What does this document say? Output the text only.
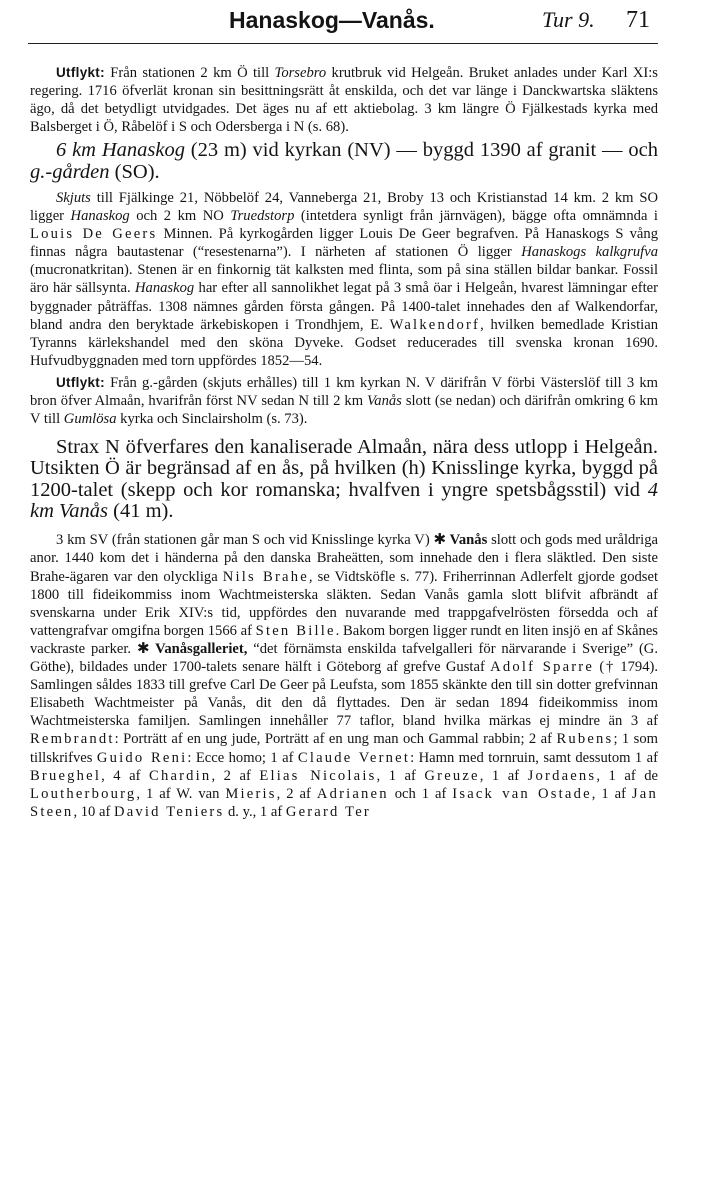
Hanaskog—Vanås.	Tur 9. 71

Utflykt: Från stationen 2 km Ö till Torsebro krutbruk vid Helgeån. Bruket anlades under Karl XI:s regering. 1716 öfverlät kronan sin besittningsrätt åt enskilda, och det var länge i Danckwartska släktens ägo, då det betydligt utvidgades. Det äges nu af ett aktiebolag. 3 km längre Ö Fjälkestads kyrka med Balsberget i Ö, Råbelöf i S och Odersberga i N (s. 68).

6 km Hanaskog (23 m) vid kyrkan (NV) — byggd 1390 af granit — och g.-gården (SO).

Skjuts till Fjälkinge 21, Nöbbelöf 24, Vanneberga 21, Broby 13 och Kristianstad 14 km. 2 km SO ligger Hanaskog och 2 km NO Truedstorp (intetdera synligt från järnvägen), bägge ofta omnämnda i Louis De Geers Minnen. På kyrkogården ligger Louis De Geer begrafven. På Hanaskogs S vång finnas några bautastenar (“resestenarna”). I närheten af stationen Ö ligger Hanaskogs kalkgrufva (mucronatkritan). Stenen är en finkornig tät kalksten med flinta, som på sina ställen bildar bankar. Fossil äro här sällsynta. Hanaskog har efter all sannolikhet legat på 3 små öar i Helgeån, hvarest lämningar efter byggnader påträffas. 1308 nämnes gården första gången. På 1400-talet innehades den af Walkendorfar, bland andra den beryktade ärkebiskopen i Trondhjem, E. Walkendorf, hvilken bemedlade Kristian Tyranns kärlekshandel med den sköna Dyveke. Godset reducerades till svenska kronan 1690. Hufvudbyggnaden med torn uppfördes 1852—54.

Utflykt: Från g.-gården (skjuts erhålles) till 1 km kyrkan N. V därifrån V förbi Västerslöf till 3 km bron öfver Almaån, hvarifrån först NV sedan N till 2 km Vanås slott (se nedan) och därifrån omkring 6 km V till Gumlösa kyrka och Sinclairsholm (s. 73).

Strax N öfverfares den kanaliserade Almaån, nära dess utlopp i Helgeån. Utsikten Ö är begränsad af en ås, på hvilken (h) Knisslinge kyrka, byggd på 1200-talet (skepp och kor romanska; hvalfven i yngre spetsbågsstil) vid 4 km Vanås (41 m).

3 km SV (från stationen går man S och vid Knisslinge kyrka V) ✱ Vanås slott och gods med uråldriga anor. 1440 kom det i händerna på den danska Braheätten, som innehade den i flera släktled. Den siste Brahe-ägaren var den olyckliga Nils Brahe, se Vidtsköfle s. 77). Friherrinnan Adlerfelt gjorde godset 1800 till fideikommiss inom Wachtmeisterska släkten. Sedan Vanås gamla slott blifvit afbrändt af svenskarna under Erik XIV:s tid, uppfördes den nuvarande med trappgafvelrösten försedda och af vattengrafvar omgifna borgen 1566 af Sten Bille. Bakom borgen ligger rundt en liten insjö en af Skånes vackraste parker. ✱ Vanåsgalleriet, “det förnämsta enskilda tafvelgalleri för närvarande i Sverige” (G. Göthe), bildades under 1700-talets senare hälft i Göteborg af grefve Gustaf Adolf Sparre († 1794). Samlingen såldes 1833 till grefve Carl De Geer på Leufsta, som 1855 skänkte den till sin dotter grefvinnan Elisabeth Wachtmeister på Vanås, dit den då flyttades. Den är sedan 1894 fideikommiss inom Wachtmeisterska familjen. Samlingen innehåller 77 taflor, bland hvilka märkas ej mindre än 3 af Rembrandt: Porträtt af en ung jude, Porträtt af en ung man och Gammal rabbin; 2 af Rubens; 1 som tillskrifves Guido Reni: Ecce homo; 1 af Claude Vernet: Hamn med tornruin, samt dessutom 1 af Brueghel, 4 af Chardin, 2 af Elias Nicolais, 1 af Greuze, 1 af Jordaens, 1 af de Loutherbourg, 1 af W. van Mieris, 2 af Adrianen och 1 af Isack van Ostade, 1 af Jan Steen, 10 af David Teniers d. y., 1 af Gerard Ter
